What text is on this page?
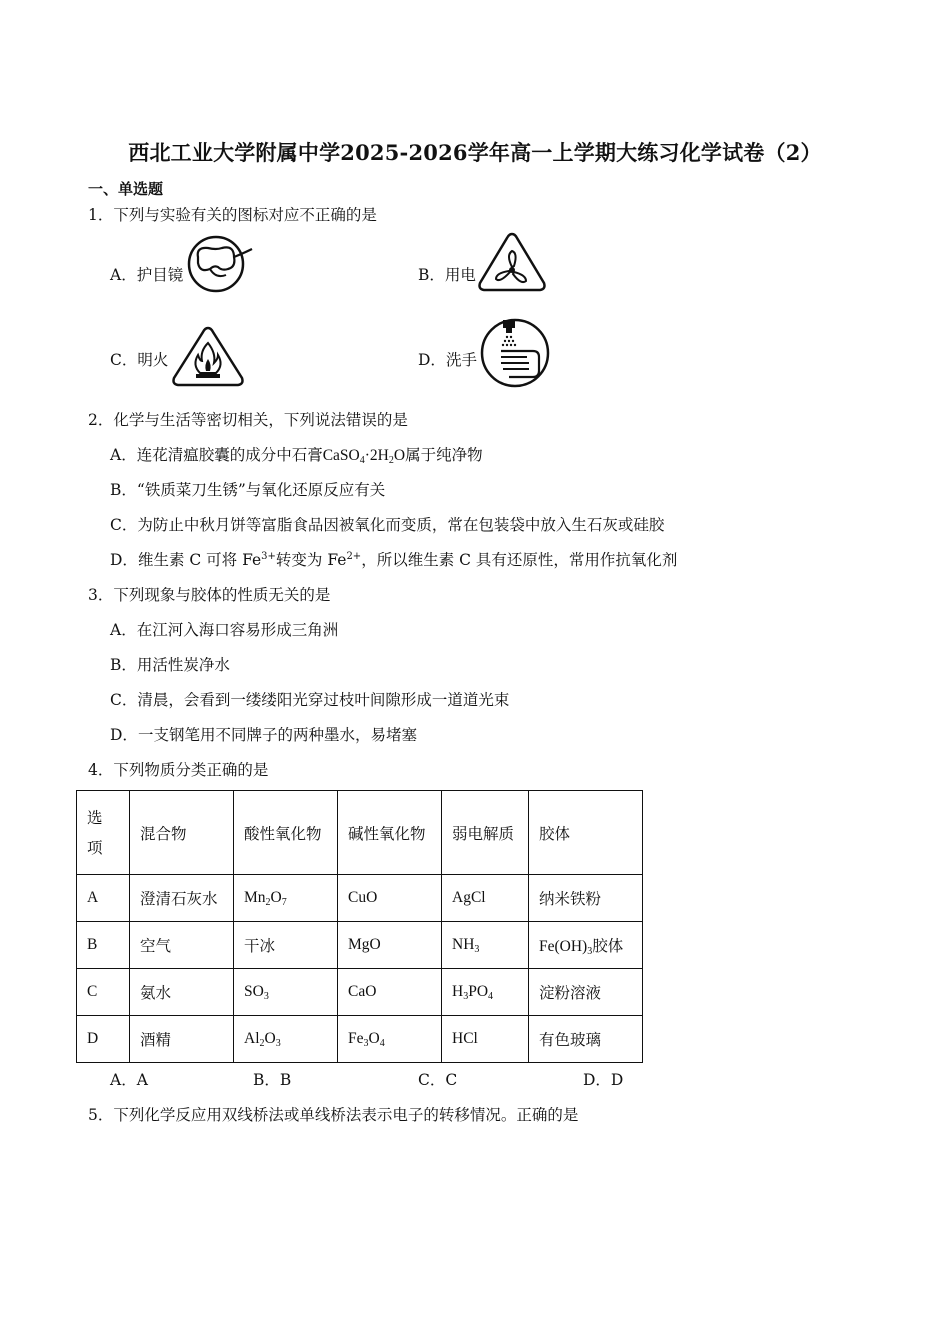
西北工业大学附属中学2025-2026学年高一上学期大练习化学试卷（2）
一、单选题
1．下列与实验有关的图标对应不正确的是
A．护目镜	B．用电
C．明火	D．洗手
2．化学与生活等密切相关，下列说法错误的是
A．连花清瘟胶囊的成分中石膏$CaSO_4\cdot 2H_2O$属于纯净物
B．“铁质菜刀生锈”与氧化还原反应有关
C．为防止中秋月饼等富脂食品因被氧化而变质，常在包装袋中放入生石灰或硅胶
D．维生素 C 可将 $Fe^{3+}$转变为 $Fe^{2+}$，所以维生素 C 具有还原性，常用作抗氧化剂
3．下列现象与胶体的性质无关的是
A．在江河入海口容易形成三角洲
B．用活性炭净水
C．清晨，会看到一缕缕阳光穿过枝叶间隙形成一道道光束
D．一支钢笔用不同牌子的两种墨水，易堵塞
4．下列物质分类正确的是
选
项	混合物	酸性氧化物	碱性氧化物	弱电解质	胶体
A	澄清石灰水	$Mn_2O_7$	CuO	AgCl	纳米铁粉
B	空气	干冰	MgO	$NH_3$	$Fe(OH)_3$胶体
C	氨水	$SO_3$	CaO	$H_3PO_4$	淀粉溶液
D	酒精	$Al_2O_3$	$Fe_3O_4$	HCl	有色玻璃
A．A	B．B	C．C	D．D
5．下列化学反应用双线桥法或单线桥法表示电子的转移情况。正确的是
